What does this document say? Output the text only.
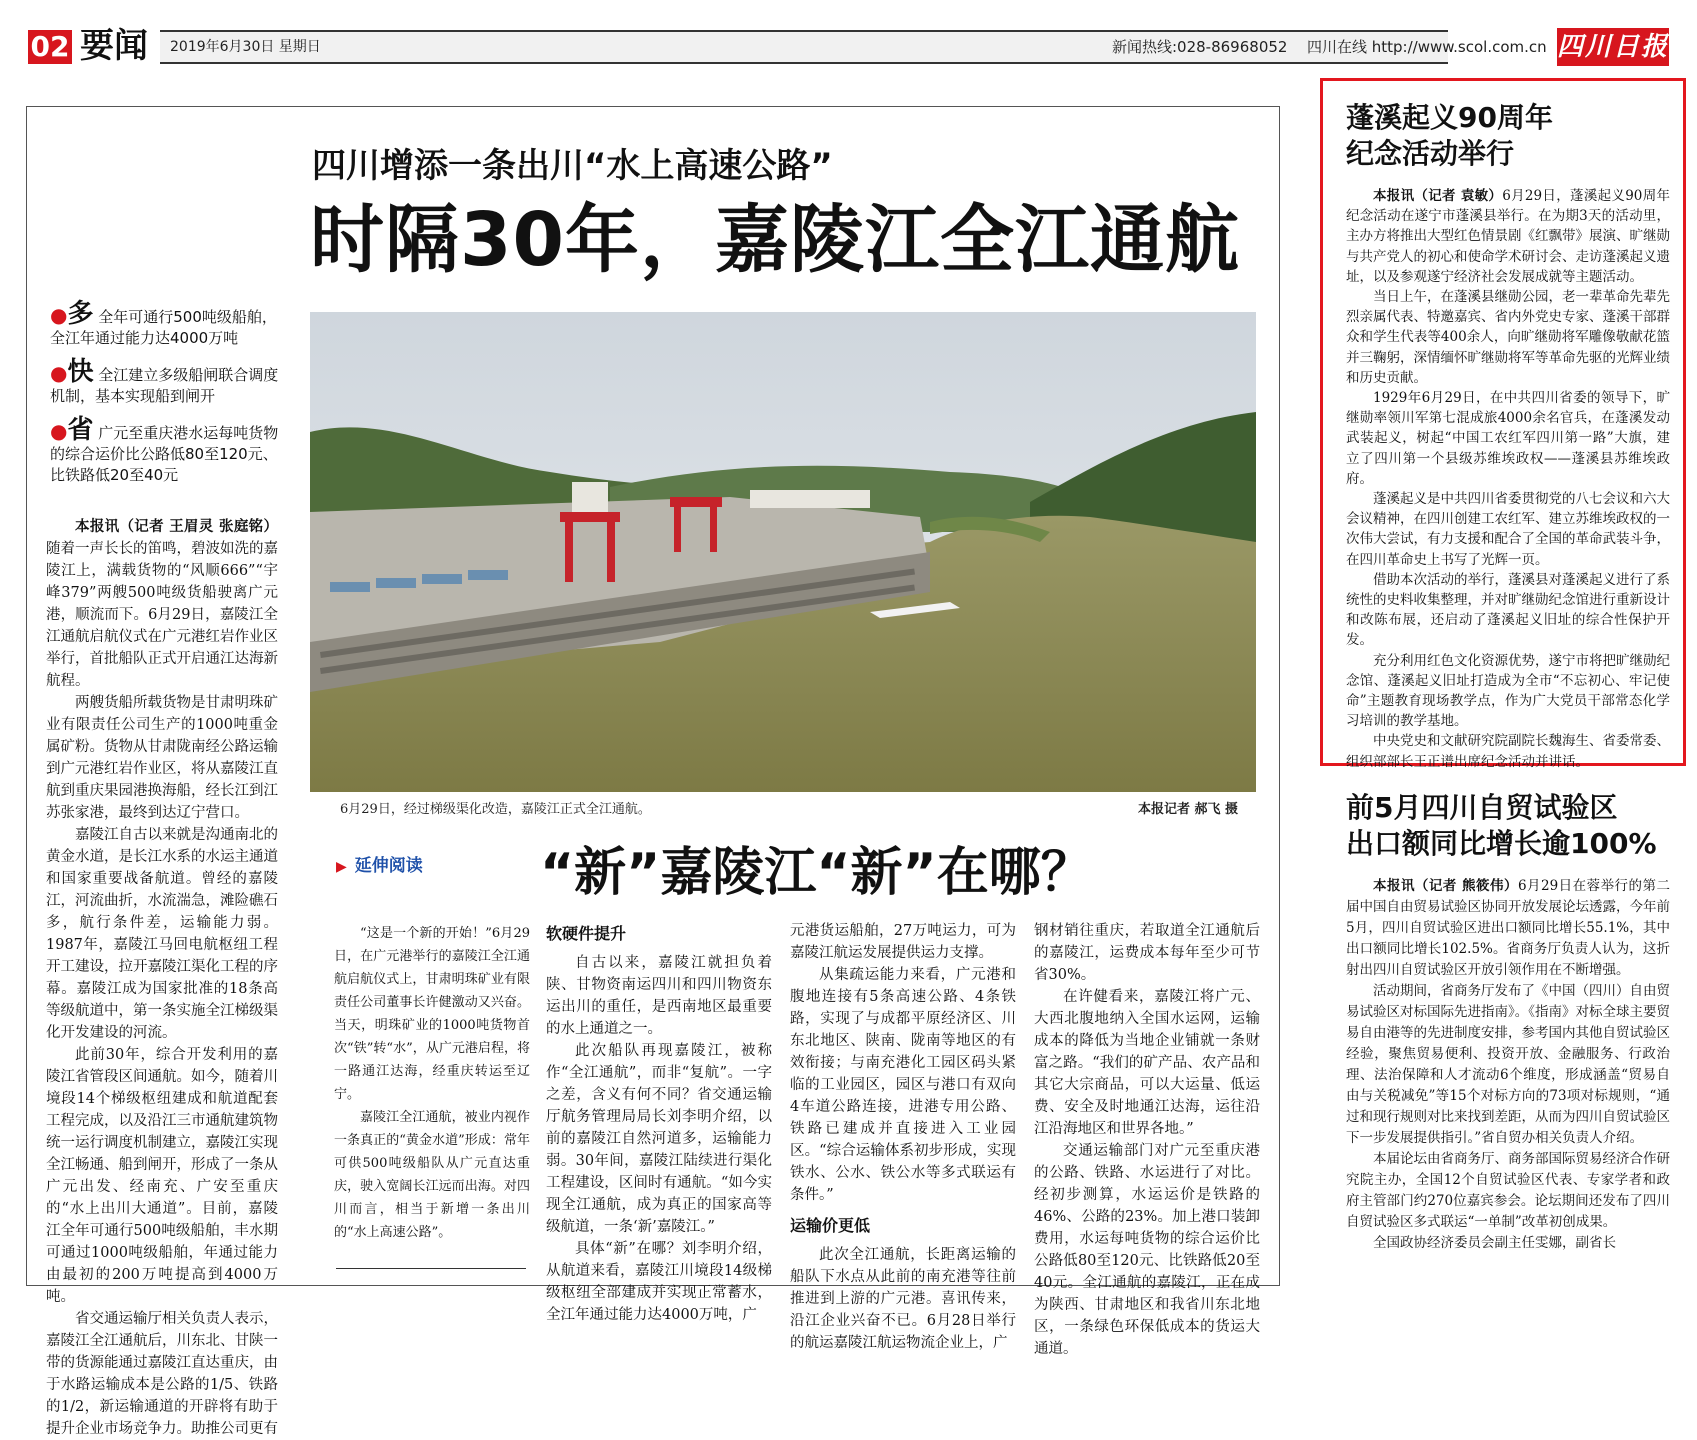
02 要闻 2019年6月30日 星期日	新闻热线:028-86968052 四川在线 http://www.scol.com.cn 四川日报
四川增添一条出川“水上高速公路”
时隔30年，嘉陵江全江通航
●多 全年可通行500吨级船舶，全江年通过能力达4000万吨
●快 全江建立多级船闸联合调度机制，基本实现船到闸开
●省 广元至重庆港水运每吨货物的综合运价比公路低80至120元、比铁路低20至40元
6月29日，经过梯级渠化改造，嘉陵江正式全江通航。	本报记者 郝飞 摄

本报讯（记者 王眉灵 张庭铭）随着一声长长的笛鸣，碧波如洗的嘉陵江上，满载货物的“风顺666”“宇峰379”两艘500吨级货船驶离广元港，顺流而下。6月29日，嘉陵江全江通航启航仪式在广元港红岩作业区举行，首批船队正式开启通江达海新航程。

两艘货船所载货物是甘肃明珠矿业有限责任公司生产的1000吨重金属矿粉。货物从甘肃陇南经公路运输到广元港红岩作业区，将从嘉陵江直航到重庆果园港换海船，经长江到江苏张家港，最终到达辽宁营口。

嘉陵江自古以来就是沟通南北的黄金水道，是长江水系的水运主通道和国家重要战备航道。曾经的嘉陵江，河流曲折，水流湍急，滩险礁石多，航行条件差，运输能力弱。1987年，嘉陵江马回电航枢纽工程开工建设，拉开嘉陵江渠化工程的序幕。嘉陵江成为国家批准的18条高等级航道中，第一条实施全江梯级渠化开发建设的河流。

此前30年，综合开发利用的嘉陵江省管段区间通航。如今，随着川境段14个梯级枢纽建成和航道配套工程完成，以及沿江三市通航建筑物统一运行调度机制建立，嘉陵江实现全江畅通、船到闸开，形成了一条从广元出发、经南充、广安至重庆的“水上出川大通道”。目前，嘉陵江全年可通行500吨级船舶，丰水期可通过1000吨级船舶，年通过能力由最初的200万吨提高到4000万吨。

省交通运输厅相关负责人表示，嘉陵江全江通航后，川东北、甘陕一带的货源能通过嘉陵江直达重庆，由于水路运输成本是公路的1/5、铁路的1/2，新运输通道的开辟将有助于提升企业市场竞争力。助推公司更有

▶ 延伸阅读 “新”嘉陵江“新”在哪？

“这是一个新的开始！”6月29日，在广元港举行的嘉陵江全江通航启航仪式上，甘肃明珠矿业有限责任公司董事长许健激动又兴奋。当天，明珠矿业的1000吨货物首次“铁”转“水”，从广元港启程，将一路通江达海，经重庆转运至辽宁。

嘉陵江全江通航，被业内视作一条真正的“黄金水道”形成：常年可供500吨级船队从广元直达重庆，驶入宽阔长江远而出海。对四川而言，相当于新增一条出川的“水上高速公路”。

软硬件提升

自古以来，嘉陵江就担负着陕、甘物资南运四川和四川物资东运出川的重任，是西南地区最重要的水上通道之一。

此次船队再现嘉陵江，被称作“全江通航”，而非“复航”。一字之差，含义有何不同？省交通运输厅航务管理局局长刘李明介绍，以前的嘉陵江自然河道多，运输能力弱。30年间，嘉陵江陆续进行渠化工程建设，区间时有通航。“如今实现全江通航，成为真正的国家高等级航道，一条‘新’嘉陵江。”

具体“新”在哪？刘李明介绍，从航道来看，嘉陵江川境段14级梯级枢纽全部建成并实现正常蓄水，全江年通过能力达4000万吨，广

元港货运船舶，27万吨运力，可为嘉陵江航运发展提供运力支撑。

从集疏运能力来看，广元港和腹地连接有5条高速公路、4条铁路，实现了与成都平原经济区、川东北地区、陕南、陇南等地区的有效衔接；与南充港化工园区码头紧临的工业园区，园区与港口有双向4车道公路连接，进港专用公路、铁路已建成并直接进入工业园区。“综合运输体系初步形成，实现铁水、公水、铁公水等多式联运有条件。”

运输价更低

此次全江通航，长距离运输的船队下水点从此前的南充港等往前推进到上游的广元港。喜讯传来，沿江企业兴奋不已。6月28日举行的航运嘉陵江航运物流企业上，广

钢材销往重庆，若取道全江通航后的嘉陵江，运费成本每年至少可节省30%。

在许健看来，嘉陵江将广元、大西北腹地纳入全国水运网，运输成本的降低为当地企业铺就一条财富之路。“我们的矿产品、农产品和其它大宗商品，可以大运量、低运费、安全及时地通江达海，运往沿江沿海地区和世界各地。”

交通运输部门对广元至重庆港的公路、铁路、水运进行了对比。经初步测算，水运运价是铁路的46%、公路的23%。加上港口装卸费用，水运每吨货物的综合运价比公路低80至120元、比铁路低20至40元。全江通航的嘉陵江，正在成为陕西、甘肃地区和我省川东北地区，一条绿色环保低成本的货运大通道。

蓬溪起义90周年
纪念活动举行

本报讯（记者 袁敏）6月29日，蓬溪起义90周年纪念活动在遂宁市蓬溪县举行。在为期3天的活动里，主办方将推出大型红色情景剧《红飘带》展演、旷继勋与共产党人的初心和使命学术研讨会、走访蓬溪起义遗址，以及参观遂宁经济社会发展成就等主题活动。

当日上午，在蓬溪县继勋公园，老一辈革命先辈先烈亲属代表、特邀嘉宾、省内外党史专家、蓬溪干部群众和学生代表等400余人，向旷继勋将军雕像敬献花篮并三鞠躬，深情缅怀旷继勋将军等革命先驱的光辉业绩和历史贡献。

1929年6月29日，在中共四川省委的领导下，旷继勋率领川军第七混成旅4000余名官兵，在蓬溪发动武装起义，树起“中国工农红军四川第一路”大旗，建立了四川第一个县级苏维埃政权——蓬溪县苏维埃政府。

蓬溪起义是中共四川省委贯彻党的八七会议和六大会议精神，在四川创建工农红军、建立苏维埃政权的一次伟大尝试，有力支援和配合了全国的革命武装斗争，在四川革命史上书写了光辉一页。

借助本次活动的举行，蓬溪县对蓬溪起义进行了系统性的史料收集整理，并对旷继勋纪念馆进行重新设计和改陈布展，还启动了蓬溪起义旧址的综合性保护开发。

充分利用红色文化资源优势，遂宁市将把旷继勋纪念馆、蓬溪起义旧址打造成为全市“不忘初心、牢记使命”主题教育现场教学点，作为广大党员干部常态化学习培训的教学基地。

中央党史和文献研究院副院长魏海生、省委常委、组织部部长王正谱出席纪念活动并讲话。

前5月四川自贸试验区
出口额同比增长逾100%

本报讯（记者 熊筱伟）6月29日在蓉举行的第二届中国自由贸易试验区协同开放发展论坛透露，今年前5月，四川自贸试验区进出口额同比增长55.1%，其中出口额同比增长102.5%。省商务厅负责人认为，这折射出四川自贸试验区开放引领作用在不断增强。

活动期间，省商务厅发布了《中国（四川）自由贸易试验区对标国际先进指南》。《指南》对标全球主要贸易自由港等的先进制度安排，参考国内其他自贸试验区经验，聚焦贸易便利、投资开放、金融服务、行政治理、法治保障和人才流动6个维度，形成涵盖“贸易自由与关税减免”等15个对标方向的73项对标规则，“通过和现行规则对比来找到差距，从而为四川自贸试验区下一步发展提供指引。”省自贸办相关负责人介绍。

本届论坛由省商务厅、商务部国际贸易经济合作研究院主办，全国12个自贸试验区代表、专家学者和政府主管部门约270位嘉宾参会。论坛期间还发布了四川自贸试验区多式联运“一单制”改革初创成果。

全国政协经济委员会副主任雯娜，副省长
